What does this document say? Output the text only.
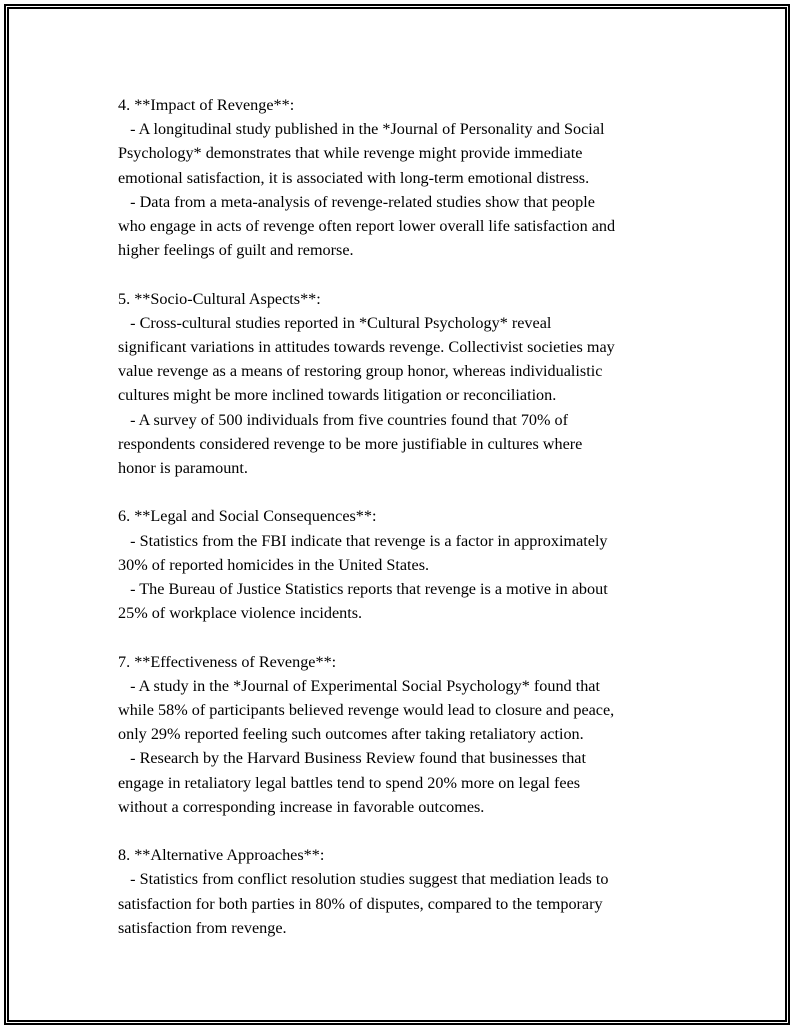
4. **Impact of Revenge**:
- A longitudinal study published in the *Journal of Personality and Social
Psychology* demonstrates that while revenge might provide immediate
emotional satisfaction, it is associated with long-term emotional distress.
- Data from a meta-analysis of revenge-related studies show that people
who engage in acts of revenge often report lower overall life satisfaction and
higher feelings of guilt and remorse.
5. **Socio-Cultural Aspects**:
- Cross-cultural studies reported in *Cultural Psychology* reveal
significant variations in attitudes towards revenge. Collectivist societies may
value revenge as a means of restoring group honor, whereas individualistic
cultures might be more inclined towards litigation or reconciliation.
- A survey of 500 individuals from five countries found that 70% of
respondents considered revenge to be more justifiable in cultures where
honor is paramount.
6. **Legal and Social Consequences**:
- Statistics from the FBI indicate that revenge is a factor in approximately
30% of reported homicides in the United States.
- The Bureau of Justice Statistics reports that revenge is a motive in about
25% of workplace violence incidents.
7. **Effectiveness of Revenge**:
- A study in the *Journal of Experimental Social Psychology* found that
while 58% of participants believed revenge would lead to closure and peace,
only 29% reported feeling such outcomes after taking retaliatory action.
- Research by the Harvard Business Review found that businesses that
engage in retaliatory legal battles tend to spend 20% more on legal fees
without a corresponding increase in favorable outcomes.
8. **Alternative Approaches**:
- Statistics from conflict resolution studies suggest that mediation leads to
satisfaction for both parties in 80% of disputes, compared to the temporary
satisfaction from revenge.
